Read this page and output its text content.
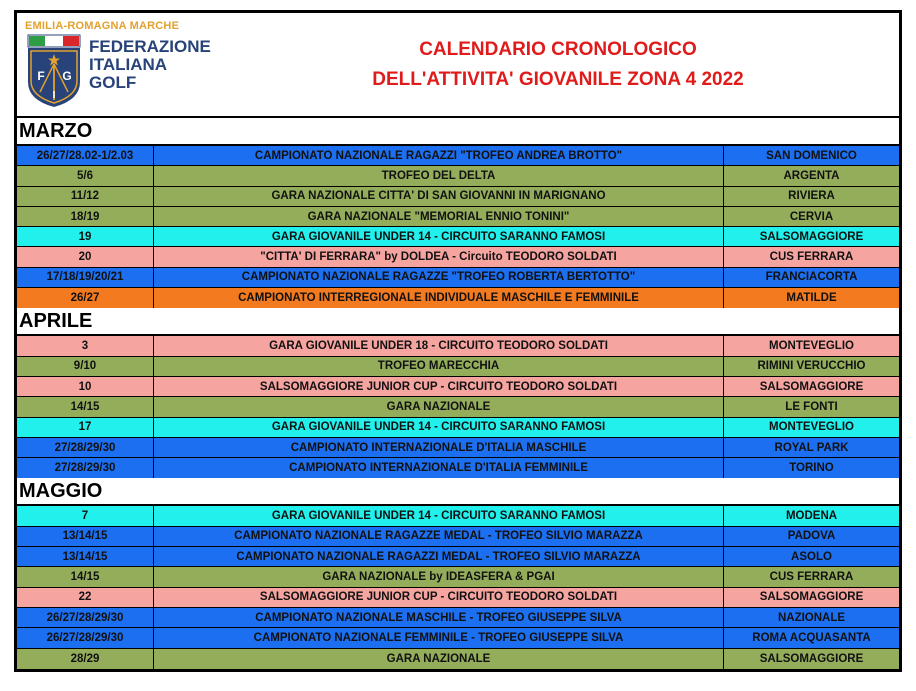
EMILIA-ROMAGNA MARCHE
F G
I
FEDERAZIONE
ITALIANA
GOLF
CALENDARIO CRONOLOGICO
DELL'ATTIVITA' GIOVANILE ZONA 4 2022
MARZO
26/27/28.02-1/2.03	CAMPIONATO NAZIONALE RAGAZZI "TROFEO ANDREA BROTTO"	SAN DOMENICO
5/6	TROFEO DEL DELTA	ARGENTA
11/12	GARA NAZIONALE CITTA' DI SAN GIOVANNI IN MARIGNANO	RIVIERA
18/19	GARA NAZIONALE "MEMORIAL ENNIO TONINI"	CERVIA
19	GARA GIOVANILE UNDER 14 - CIRCUITO SARANNO FAMOSI	SALSOMAGGIORE
20	"CITTA' DI FERRARA" by DOLDEA - Circuito TEODORO SOLDATI	CUS FERRARA
17/18/19/20/21	CAMPIONATO NAZIONALE RAGAZZE "TROFEO ROBERTA BERTOTTO"	FRANCIACORTA
26/27	CAMPIONATO INTERREGIONALE INDIVIDUALE MASCHILE E FEMMINILE	MATILDE
APRILE
3	GARA GIOVANILE UNDER 18 - CIRCUITO TEODORO SOLDATI	MONTEVEGLIO
9/10	TROFEO MARECCHIA	RIMINI VERUCCHIO
10	SALSOMAGGIORE JUNIOR CUP - CIRCUITO TEODORO SOLDATI	SALSOMAGGIORE
14/15	GARA NAZIONALE	LE FONTI
17	GARA GIOVANILE UNDER 14 - CIRCUITO SARANNO FAMOSI	MONTEVEGLIO
27/28/29/30	CAMPIONATO INTERNAZIONALE D'ITALIA MASCHILE	ROYAL PARK
27/28/29/30	CAMPIONATO INTERNAZIONALE D'ITALIA FEMMINILE	TORINO
MAGGIO
7	GARA GIOVANILE UNDER 14 - CIRCUITO SARANNO FAMOSI	MODENA
13/14/15	CAMPIONATO NAZIONALE RAGAZZE MEDAL - TROFEO SILVIO MARAZZA	PADOVA
13/14/15	CAMPIONATO NAZIONALE RAGAZZI MEDAL - TROFEO SILVIO MARAZZA	ASOLO
14/15	GARA NAZIONALE by IDEASFERA & PGAI	CUS FERRARA
22	SALSOMAGGIORE JUNIOR CUP - CIRCUITO TEODORO SOLDATI	SALSOMAGGIORE
26/27/28/29/30	CAMPIONATO NAZIONALE MASCHILE - TROFEO GIUSEPPE SILVA	NAZIONALE
26/27/28/29/30	CAMPIONATO NAZIONALE FEMMINILE - TROFEO GIUSEPPE SILVA	ROMA ACQUASANTA
28/29	GARA NAZIONALE	SALSOMAGGIORE
